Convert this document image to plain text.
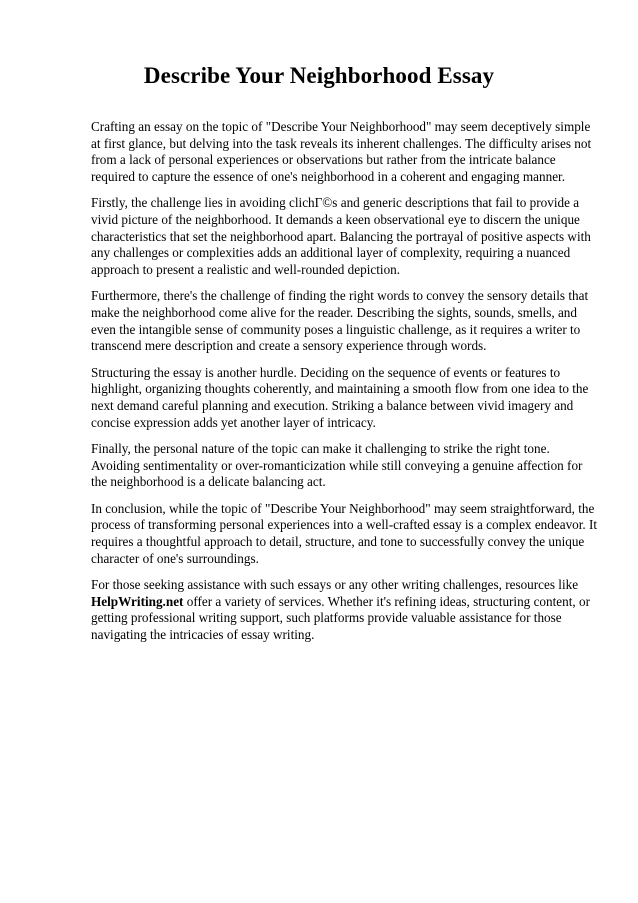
Describe Your Neighborhood Essay

Crafting an essay on the topic of "Describe Your Neighborhood" may seem deceptively simple at first glance, but delving into the task reveals its inherent challenges. The difficulty arises not from a lack of personal experiences or observations but rather from the intricate balance required to capture the essence of one's neighborhood in a coherent and engaging manner.

Firstly, the challenge lies in avoiding clichГ©s and generic descriptions that fail to provide a vivid picture of the neighborhood. It demands a keen observational eye to discern the unique characteristics that set the neighborhood apart. Balancing the portrayal of positive aspects with any challenges or complexities adds an additional layer of complexity, requiring a nuanced approach to present a realistic and well-rounded depiction.

Furthermore, there's the challenge of finding the right words to convey the sensory details that make the neighborhood come alive for the reader. Describing the sights, sounds, smells, and even the intangible sense of community poses a linguistic challenge, as it requires a writer to transcend mere description and create a sensory experience through words.

Structuring the essay is another hurdle. Deciding on the sequence of events or features to highlight, organizing thoughts coherently, and maintaining a smooth flow from one idea to the next demand careful planning and execution. Striking a balance between vivid imagery and concise expression adds yet another layer of intricacy.

Finally, the personal nature of the topic can make it challenging to strike the right tone. Avoiding sentimentality or over-romanticization while still conveying a genuine affection for the neighborhood is a delicate balancing act.

In conclusion, while the topic of "Describe Your Neighborhood" may seem straightforward, the process of transforming personal experiences into a well-crafted essay is a complex endeavor. It requires a thoughtful approach to detail, structure, and tone to successfully convey the unique character of one's surroundings.

For those seeking assistance with such essays or any other writing challenges, resources like HelpWriting.net offer a variety of services. Whether it's refining ideas, structuring content, or getting professional writing support, such platforms provide valuable assistance for those navigating the intricacies of essay writing.
